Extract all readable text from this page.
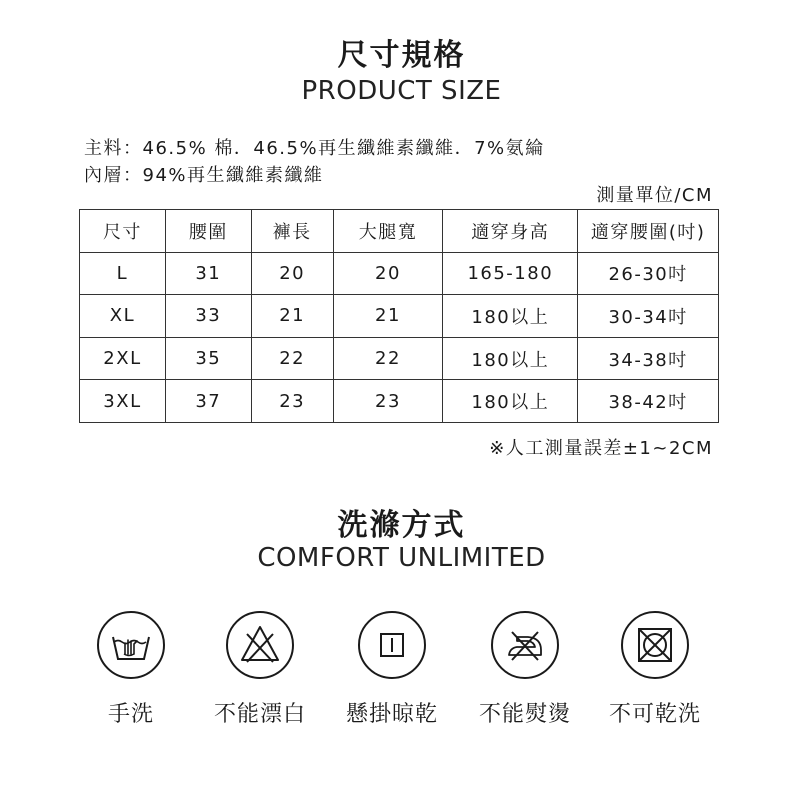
尺寸規格
PRODUCT SIZE
主料：46.5% 棉．46.5%再生纖維素纖維．7%氨綸
內層：94%再生纖維素纖維
測量單位/CM
尺寸	腰圍	褲長	大腿寬	適穿身高	適穿腰圍(吋)
L	31	20	20	165-180	26-30吋
XL	33	21	21	180以上	30-34吋
2XL	35	22	22	180以上	34-38吋
3XL	37	23	23	180以上	38-42吋
※人工測量誤差±1~2CM
洗滌方式
COMFORT UNLIMITED
手洗	不能漂白	懸掛晾乾	不能熨燙	不可乾洗
